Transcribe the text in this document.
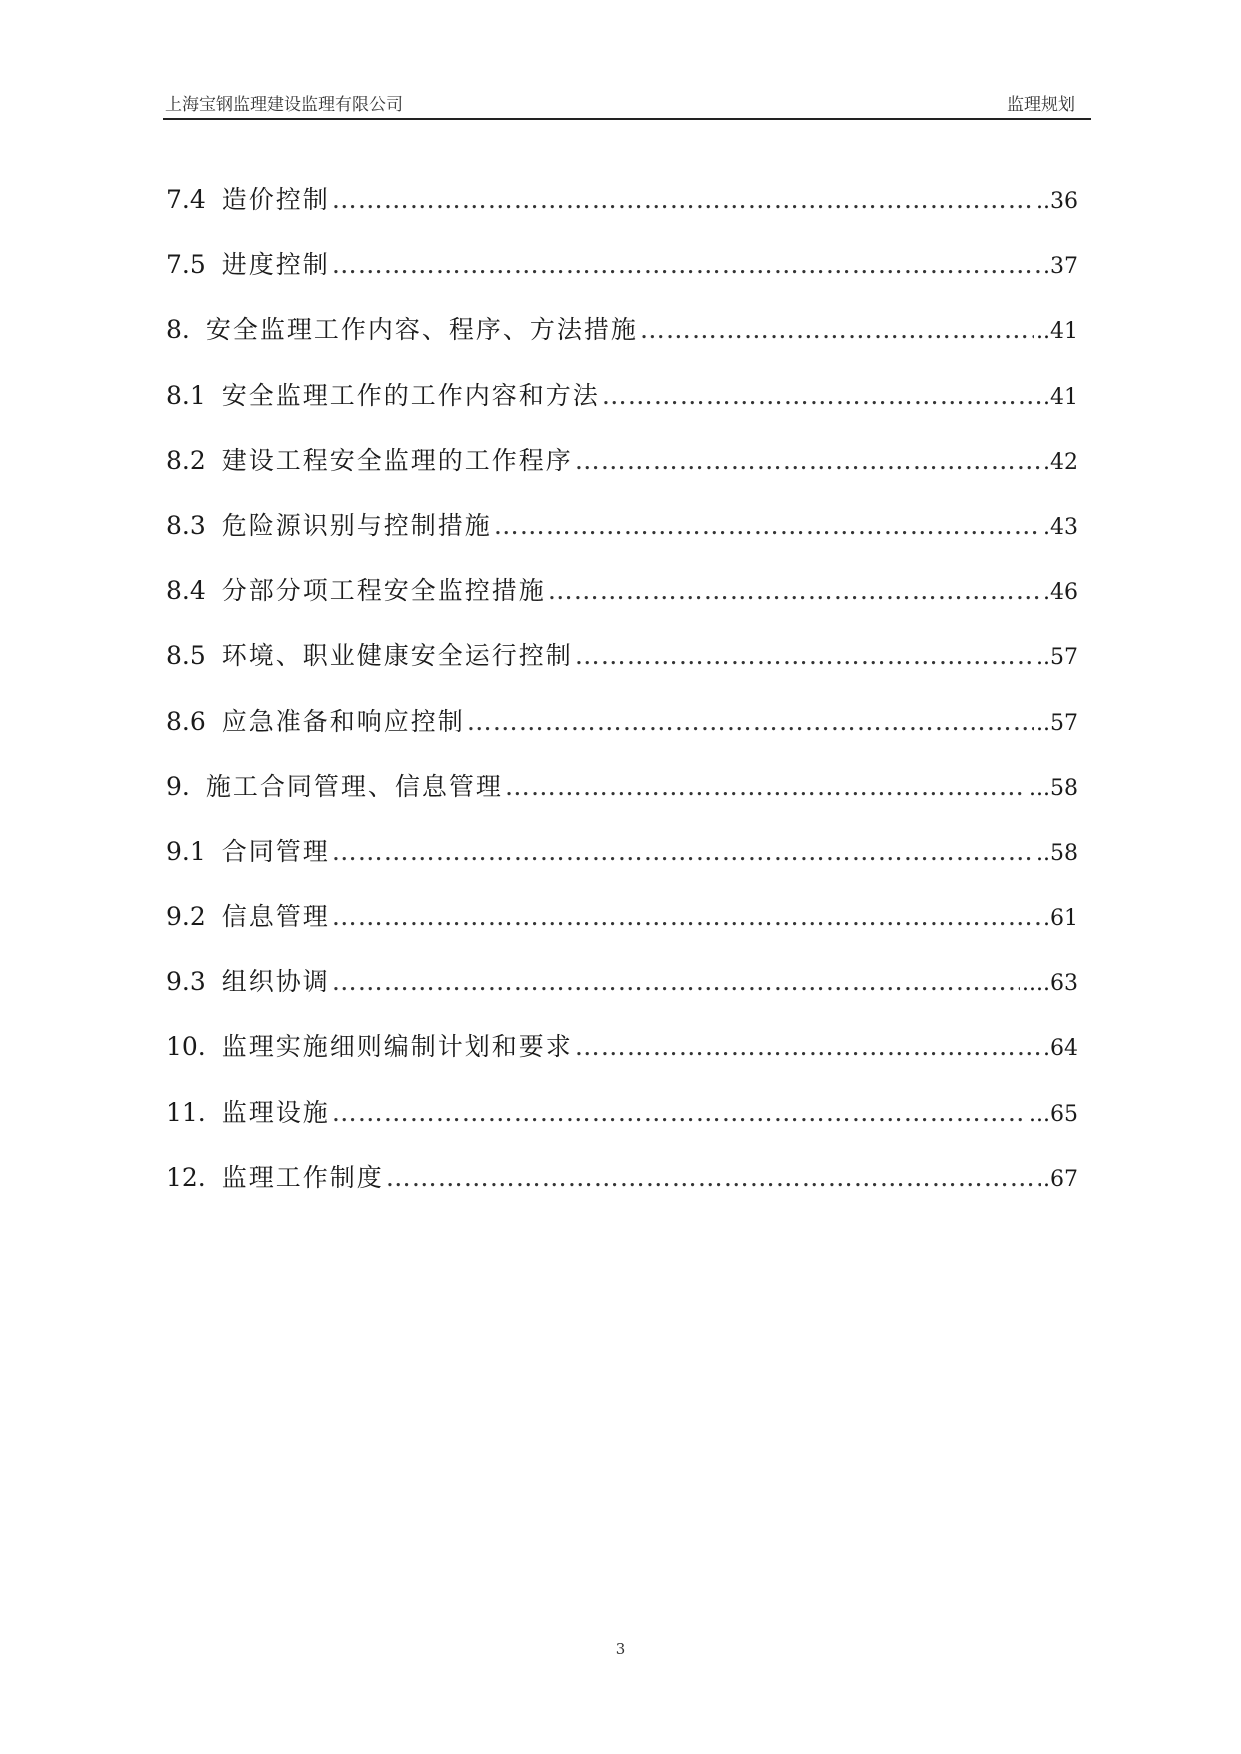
上海宝钢监理建设监理有限公司	监理规划
7.4 造价控制 ………………………………………………………………………………………………………………………………………	..36
7.5 进度控制 ………………………………………………………………………………………………………………………………………	.37
8. 安全监理工作内容、程序、方法措施 ………………………………………………………………………………………………………………………………………	..41
8.1 安全监理工作的工作内容和方法 ………………………………………………………………………………………………………………………………………	.41
8.2 建设工程安全监理的工作程序 ………………………………………………………………………………………………………………………………………	.42
8.3 危险源识别与控制措施 ………………………………………………………………………………………………………………………………………	.43
8.4 分部分项工程安全监控措施 ………………………………………………………………………………………………………………………………………	.46
8.5 环境、职业健康安全运行控制 ………………………………………………………………………………………………………………………………………	..57
8.6 应急准备和响应控制 ………………………………………………………………………………………………………………………………………	..57
9. 施工合同管理、信息管理 ………………………………………………………………………………………………………………………………………	...58
9.1 合同管理 ………………………………………………………………………………………………………………………………………	..58
9.2 信息管理 ………………………………………………………………………………………………………………………………………	.61
9.3 组织协调 ………………………………………………………………………………………………………………………………………	....63
10. 监理实施细则编制计划和要求 ………………………………………………………………………………………………………………………………………	.64
11. 监理设施 ………………………………………………………………………………………………………………………………………	...65
12. 监理工作制度 ………………………………………………………………………………………………………………………………………	.67
3
